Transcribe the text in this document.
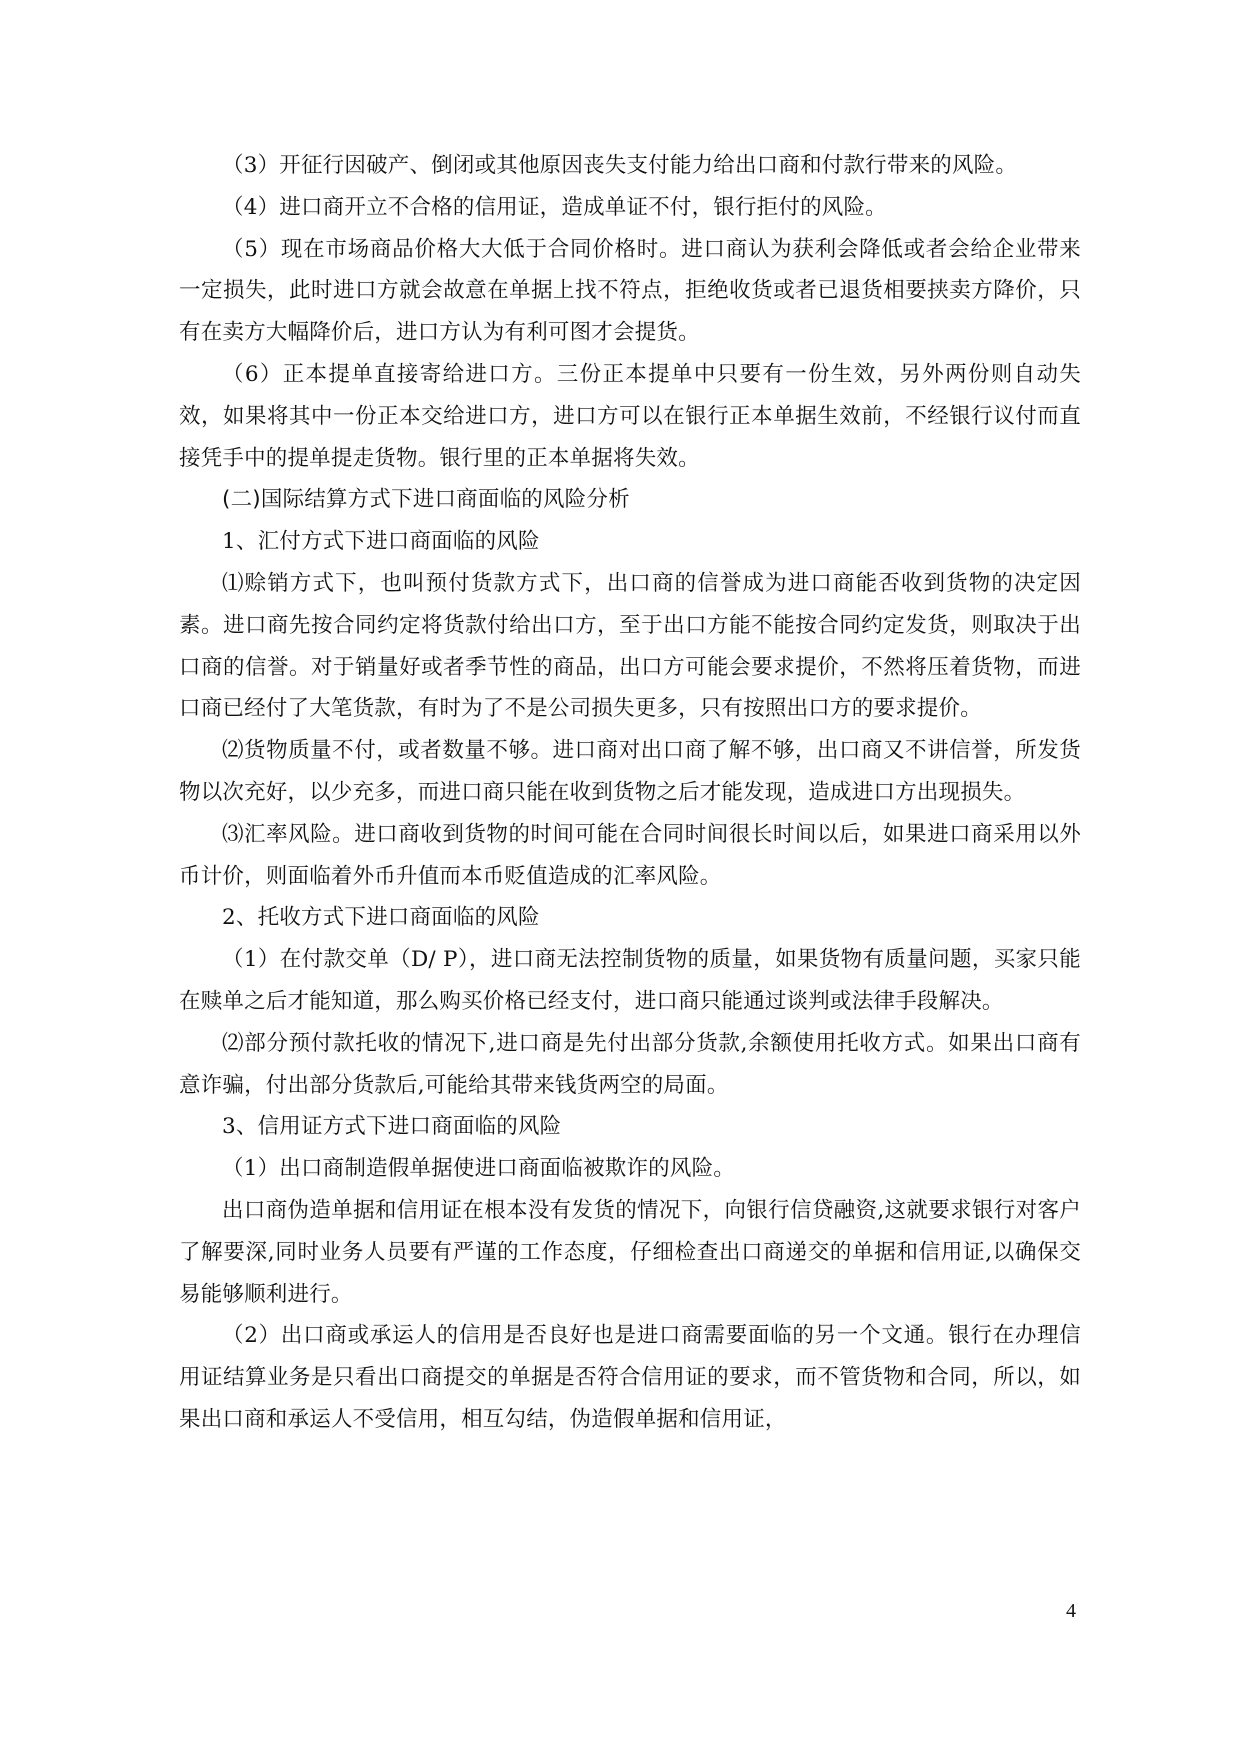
（3）开征行因破产、倒闭或其他原因丧失支付能力给出口商和付款行带来的风险。

（4）进口商开立不合格的信用证，造成单证不付，银行拒付的风险。

（5）现在市场商品价格大大低于合同价格时。进口商认为获利会降低或者会给企业带来一定损失，此时进口方就会故意在单据上找不符点，拒绝收货或者已退货相要挟卖方降价，只有在卖方大幅降价后，进口方认为有利可图才会提货。

（6）正本提单直接寄给进口方。三份正本提单中只要有一份生效，另外两份则自动失效，如果将其中一份正本交给进口方，进口方可以在银行正本单据生效前，不经银行议付而直接凭手中的提单提走货物。银行里的正本单据将失效。

(二)国际结算方式下进口商面临的风险分析

1、汇付方式下进口商面临的风险

⑴赊销方式下，也叫预付货款方式下，出口商的信誉成为进口商能否收到货物的决定因素。进口商先按合同约定将货款付给出口方，至于出口方能不能按合同约定发货，则取决于出口商的信誉。对于销量好或者季节性的商品，出口方可能会要求提价，不然将压着货物，而进口商已经付了大笔货款，有时为了不是公司损失更多，只有按照出口方的要求提价。

⑵货物质量不付，或者数量不够。进口商对出口商了解不够，出口商又不讲信誉，所发货物以次充好，以少充多，而进口商只能在收到货物之后才能发现，造成进口方出现损失。

⑶汇率风险。进口商收到货物的时间可能在合同时间很长时间以后，如果进口商采用以外币计价，则面临着外币升值而本币贬值造成的汇率风险。

2、托收方式下进口商面临的风险

（1）在付款交单（D/ P），进口商无法控制货物的质量，如果货物有质量问题，买家只能在赎单之后才能知道，那么购买价格已经支付，进口商只能通过谈判或法律手段解决。

⑵部分预付款托收的情况下,进口商是先付出部分货款,余额使用托收方式。如果出口商有意诈骗，付出部分货款后,可能给其带来钱货两空的局面。

3、信用证方式下进口商面临的风险

（1）出口商制造假单据使进口商面临被欺诈的风险。

出口商伪造单据和信用证在根本没有发货的情况下，向银行信贷融资,这就要求银行对客户了解要深,同时业务人员要有严谨的工作态度，仔细检查出口商递交的单据和信用证,以确保交易能够顺利进行。

（2）出口商或承运人的信用是否良好也是进口商需要面临的另一个文通。银行在办理信用证结算业务是只看出口商提交的单据是否符合信用证的要求，而不管货物和合同，所以，如果出口商和承运人不受信用，相互勾结，伪造假单据和信用证，

4
